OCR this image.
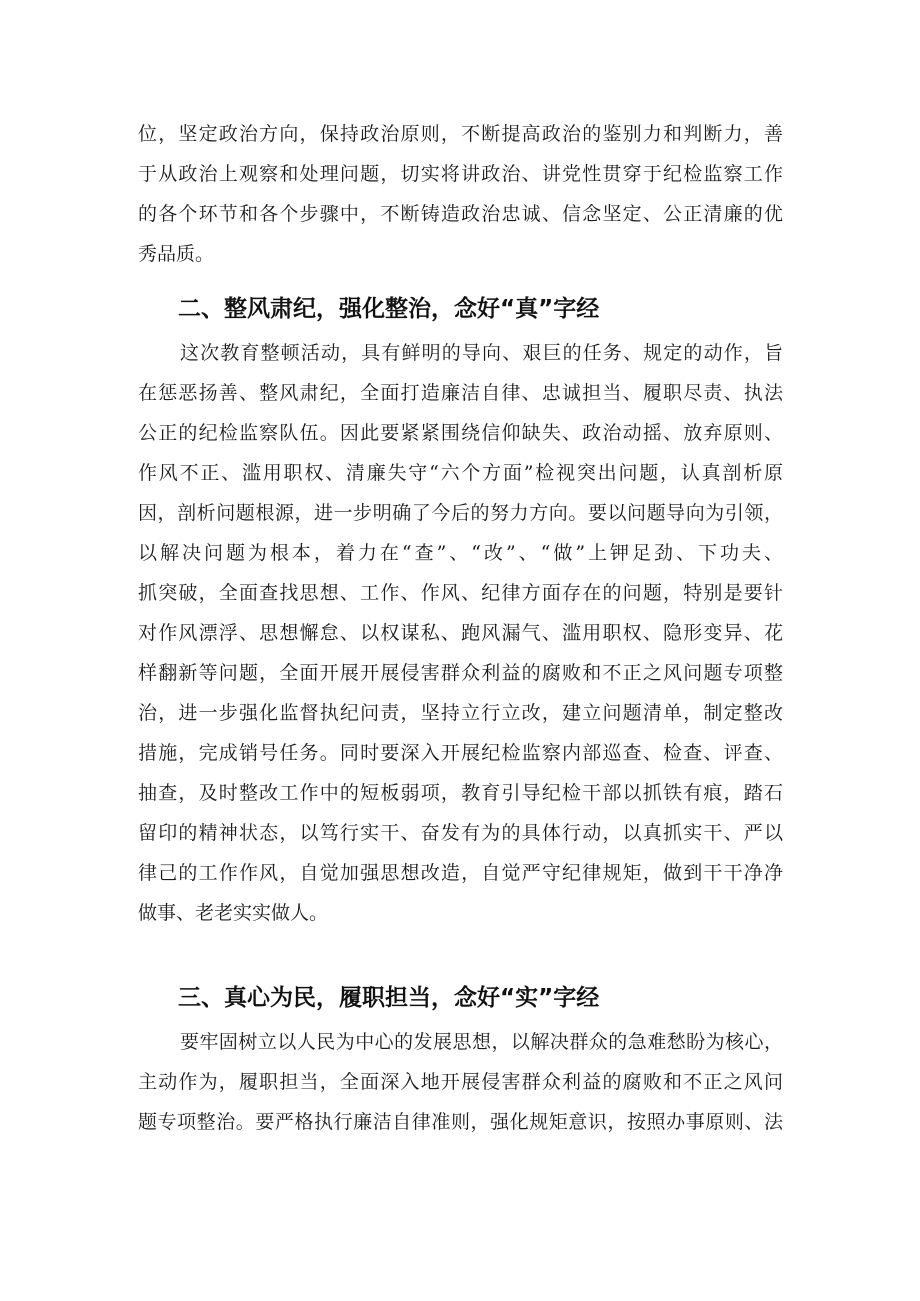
位，坚定政治方向，保持政治原则，不断提高政治的鉴别力和判断力，善
于从政治上观察和处理问题，切实将讲政治、讲党性贯穿于纪检监察工作
的各个环节和各个步骤中，不断铸造政治忠诚、信念坚定、公正清廉的优
秀品质。
二、整风肃纪，强化整治，念好“真”字经
这次教育整顿活动，具有鲜明的导向、艰巨的任务、规定的动作，旨
在惩恶扬善、整风肃纪，全面打造廉洁自律、忠诚担当、履职尽责、执法
公正的纪检监察队伍。因此要紧紧围绕信仰缺失、政治动摇、放弃原则、
作风不正、滥用职权、清廉失守“六个方面”检视突出问题，认真剖析原
因，剖析问题根源，进一步明确了今后的努力方向。要以问题导向为引领，
以解决问题为根本，着力在“查”、“改”、“做”上钾足劲、下功夫、
抓突破，全面查找思想、工作、作风、纪律方面存在的问题，特别是要针
对作风漂浮、思想懈怠、以权谋私、跑风漏气、滥用职权、隐形变异、花
样翻新等问题，全面开展开展侵害群众利益的腐败和不正之风问题专项整
治，进一步强化监督执纪问责，坚持立行立改，建立问题清单，制定整改
措施，完成销号任务。同时要深入开展纪检监察内部巡查、检查、评查、
抽查，及时整改工作中的短板弱项，教育引导纪检干部以抓铁有痕，踏石
留印的精神状态，以笃行实干、奋发有为的具体行动，以真抓实干、严以
律己的工作作风，自觉加强思想改造，自觉严守纪律规矩，做到干干净净
做事、老老实实做人。
三、真心为民，履职担当，念好“实”字经
要牢固树立以人民为中心的发展思想，以解决群众的急难愁盼为核心，
主动作为，履职担当，全面深入地开展侵害群众利益的腐败和不正之风问
题专项整治。要严格执行廉洁自律准则，强化规矩意识，按照办事原则、法
